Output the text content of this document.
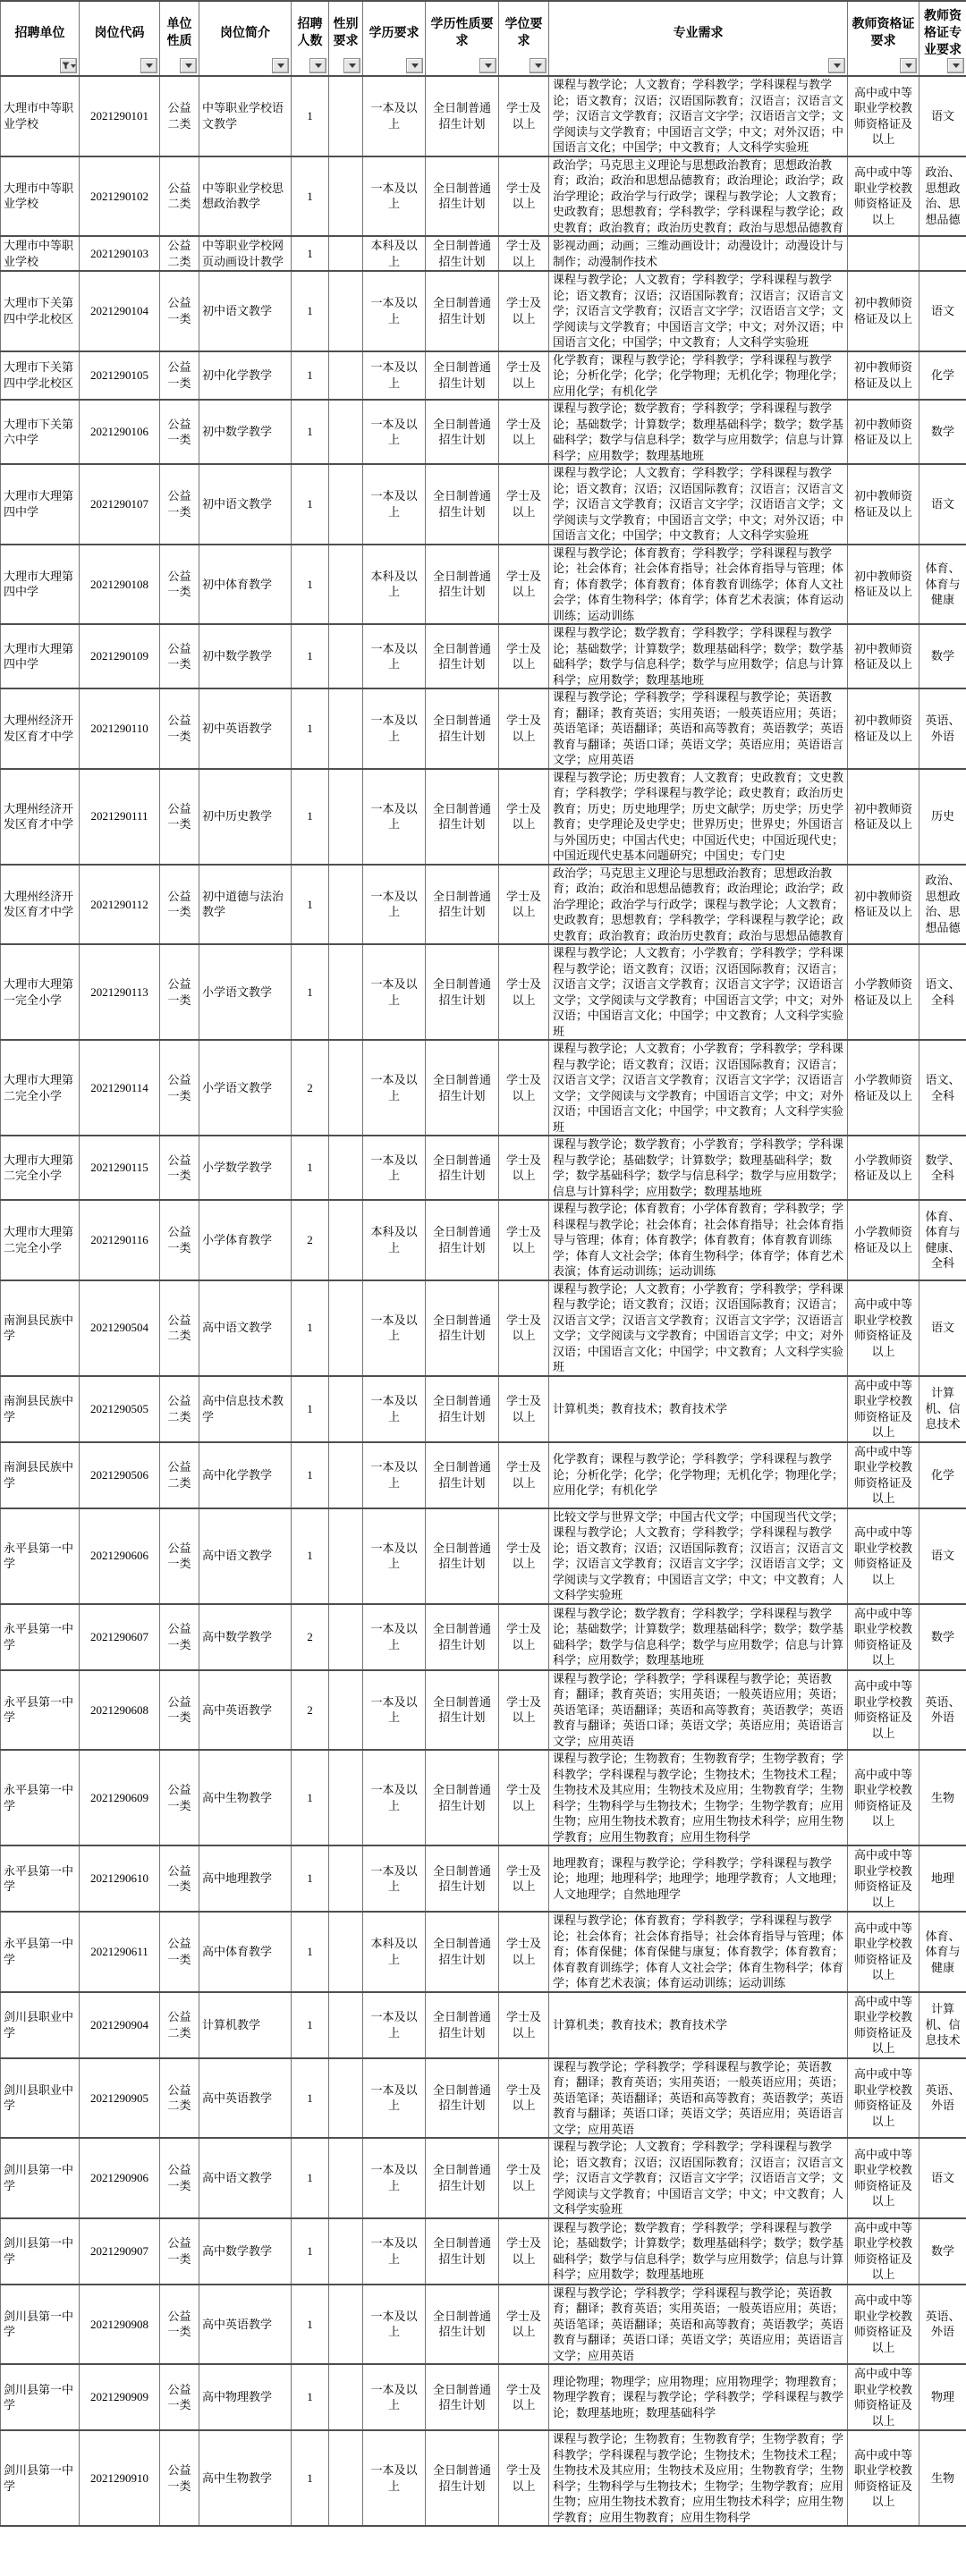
招聘单位	岗位代码	单位性质	岗位简介	招聘人数	性别要求	学历要求	学历性质要求	学位要求	专业需求	教师资格证要求	教师资格证专业要求

大理市中等职业学校	2021290101	公益二类	中等职业学校语文教学	1		一本及以上	全日制普通招生计划	学士及以上	课程与教学论；人文教育；学科教学；学科课程与教学论；语文教育；汉语；汉语国际教育；汉语言；汉语言文学；汉语言文学教育；汉语言文字学；汉语语言文学；文学阅读与文学教育；中国语言文学；中文；对外汉语；中国语言文化；中国学；中文教育；人文科学实验班	高中或中等职业学校教师资格证及以上	语文
大理市中等职业学校	2021290102	公益二类	中等职业学校思想政治教学	1		一本及以上	全日制普通招生计划	学士及以上	政治学；马克思主义理论与思想政治教育；思想政治教育；政治；政治和思想品德教育；政治理论；政治学；政治学理论；政治学与行政学；课程与教学论；人文教育；史政教育；思想教育；学科教学；学科课程与教学论；政史教育；政治教育；政治历史教育；政治与思想品德教育	高中或中等职业学校教师资格证及以上	政治、思想政治、思想品德
大理市中等职业学校	2021290103	公益二类	中等职业学校网页动画设计教学	1		本科及以上	全日制普通招生计划	学士及以上	影视动画；动画；三维动画设计；动漫设计；动漫设计与制作；动漫制作技术		
大理市下关第四中学北校区	2021290104	公益一类	初中语文教学	1		一本及以上	全日制普通招生计划	学士及以上	课程与教学论；人文教育；学科教学；学科课程与教学论；语文教育；汉语；汉语国际教育；汉语言；汉语言文学；汉语言文学教育；汉语言文字学；汉语语言文学；文学阅读与文学教育；中国语言文学；中文；对外汉语；中国语言文化；中国学；中文教育；人文科学实验班	初中教师资格证及以上	语文
大理市下关第四中学北校区	2021290105	公益一类	初中化学教学	1		一本及以上	全日制普通招生计划	学士及以上	化学教育；课程与教学论；学科教学；学科课程与教学论；分析化学；化学；化学物理；无机化学；物理化学；应用化学；有机化学	初中教师资格证及以上	化学
大理市下关第六中学	2021290106	公益一类	初中数学教学	1		一本及以上	全日制普通招生计划	学士及以上	课程与教学论；数学教育；学科教学；学科课程与教学论；基础数学；计算数学；数理基础科学；数学；数学基础科学；数学与信息科学；数学与应用数学；信息与计算科学；应用数学；数理基地班	初中教师资格证及以上	数学
大理市大理第四中学	2021290107	公益一类	初中语文教学	1		一本及以上	全日制普通招生计划	学士及以上	课程与教学论；人文教育；学科教学；学科课程与教学论；语文教育；汉语；汉语国际教育；汉语言；汉语言文学；汉语言文学教育；汉语言文字学；汉语语言文学；文学阅读与文学教育；中国语言文学；中文；对外汉语；中国语言文化；中国学；中文教育；人文科学实验班	初中教师资格证及以上	语文
大理市大理第四中学	2021290108	公益一类	初中体育教学	1		本科及以上	全日制普通招生计划	学士及以上	课程与教学论；体育教育；学科教学；学科课程与教学论；社会体育；社会体育指导；社会体育指导与管理；体育；体育教学；体育教育；体育教育训练学；体育人文社会学；体育生物科学；体育学；体育艺术表演；体育运动训练；运动训练	初中教师资格证及以上	体育、体育与健康
大理市大理第四中学	2021290109	公益一类	初中数学教学	1		一本及以上	全日制普通招生计划	学士及以上	课程与教学论；数学教育；学科教学；学科课程与教学论；基础数学；计算数学；数理基础科学；数学；数学基础科学；数学与信息科学；数学与应用数学；信息与计算科学；应用数学；数理基地班	初中教师资格证及以上	数学
大理州经济开发区育才中学	2021290110	公益一类	初中英语教学	1		一本及以上	全日制普通招生计划	学士及以上	课程与教学论；学科教学；学科课程与教学论；英语教育；翻译；教育英语；实用英语；一般英语应用；英语；英语笔译；英语翻译；英语和高等教育；英语教学；英语教育与翻译；英语口译；英语文学；英语应用；英语语言文学；应用英语	初中教师资格证及以上	英语、外语
大理州经济开发区育才中学	2021290111	公益一类	初中历史教学	1		一本及以上	全日制普通招生计划	学士及以上	课程与教学论；历史教育；人文教育；史政教育；文史教育；学科教学；学科课程与教学论；政史教育；政治历史教育；历史；历史地理学；历史文献学；历史学；历史学教育；史学理论及史学史；世界历史；世界史；外国语言与外国历史；中国古代史；中国近代史；中国近现代史；中国近现代史基本问题研究；中国史；专门史	初中教师资格证及以上	历史
大理州经济开发区育才中学	2021290112	公益一类	初中道德与法治教学	1		一本及以上	全日制普通招生计划	学士及以上	政治学；马克思主义理论与思想政治教育；思想政治教育；政治；政治和思想品德教育；政治理论；政治学；政治学理论；政治学与行政学；课程与教学论；人文教育；史政教育；思想教育；学科教学；学科课程与教学论；政史教育；政治教育；政治历史教育；政治与思想品德教育	初中教师资格证及以上	政治、思想政治、思想品德
大理市大理第一完全小学	2021290113	公益一类	小学语文教学	1		一本及以上	全日制普通招生计划	学士及以上	课程与教学论；人文教育；小学教育；学科教学；学科课程与教学论；语文教育；汉语；汉语国际教育；汉语言；汉语言文学；汉语言文学教育；汉语言文字学；汉语语言文学；文学阅读与文学教育；中国语言文学；中文；对外汉语；中国语言文化；中国学；中文教育；人文科学实验班	小学教师资格证及以上	语文、全科
大理市大理第二完全小学	2021290114	公益一类	小学语文教学	2		一本及以上	全日制普通招生计划	学士及以上	课程与教学论；人文教育；小学教育；学科教学；学科课程与教学论；语文教育；汉语；汉语国际教育；汉语言；汉语言文学；汉语言文学教育；汉语言文字学；汉语语言文学；文学阅读与文学教育；中国语言文学；中文；对外汉语；中国语言文化；中国学；中文教育；人文科学实验班	小学教师资格证及以上	语文、全科
大理市大理第二完全小学	2021290115	公益一类	小学数学教学	1		一本及以上	全日制普通招生计划	学士及以上	课程与教学论；数学教育；小学教育；学科教学；学科课程与教学论；基础数学；计算数学；数理基础科学；数学；数学基础科学；数学与信息科学；数学与应用数学；信息与计算科学；应用数学；数理基地班	小学教师资格证及以上	数学、全科
大理市大理第二完全小学	2021290116	公益一类	小学体育教学	2		本科及以上	全日制普通招生计划	学士及以上	课程与教学论；体育教育；小学体育教育；学科教学；学科课程与教学论；社会体育；社会体育指导；社会体育指导与管理；体育；体育教学；体育教育；体育教育训练学；体育人文社会学；体育生物科学；体育学；体育艺术表演；体育运动训练；运动训练	小学教师资格证及以上	体育、体育与健康、全科
南涧县民族中学	2021290504	公益二类	高中语文教学	1		一本及以上	全日制普通招生计划	学士及以上	课程与教学论；人文教育；小学教育；学科教学；学科课程与教学论；语文教育；汉语；汉语国际教育；汉语言；汉语言文学；汉语言文学教育；汉语言文字学；汉语语言文学；文学阅读与文学教育；中国语言文学；中文；对外汉语；中国语言文化；中国学；中文教育；人文科学实验班	高中或中等职业学校教师资格证及以上	语文
南涧县民族中学	2021290505	公益二类	高中信息技术教学	1		一本及以上	全日制普通招生计划	学士及以上	计算机类；教育技术；教育技术学	高中或中等职业学校教师资格证及以上	计算机、信息技术
南涧县民族中学	2021290506	公益二类	高中化学教学	1		一本及以上	全日制普通招生计划	学士及以上	化学教育；课程与教学论；学科教学；学科课程与教学论；分析化学；化学；化学物理；无机化学；物理化学；应用化学；有机化学	高中或中等职业学校教师资格证及以上	化学
永平县第一中学	2021290606	公益一类	高中语文教学	1		一本及以上	全日制普通招生计划	学士及以上	比较文学与世界文学；中国古代文学；中国现当代文学；课程与教学论；人文教育；学科教学；学科课程与教学论；语文教育；汉语；汉语国际教育；汉语言；汉语言文学；汉语言文学教育；汉语言文字学；汉语语言文学；文学阅读与文学教育；中国语言文学；中文；中文教育；人文科学实验班	高中或中等职业学校教师资格证及以上	语文
永平县第一中学	2021290607	公益一类	高中数学教学	2		一本及以上	全日制普通招生计划	学士及以上	课程与教学论；数学教育；学科教学；学科课程与教学论；基础数学；计算数学；数理基础科学；数学；数学基础科学；数学与信息科学；数学与应用数学；信息与计算科学；应用数学；数理基地班	高中或中等职业学校教师资格证及以上	数学
永平县第一中学	2021290608	公益一类	高中英语教学	2		一本及以上	全日制普通招生计划	学士及以上	课程与教学论；学科教学；学科课程与教学论；英语教育；翻译；教育英语；实用英语；一般英语应用；英语；英语笔译；英语翻译；英语和高等教育；英语教学；英语教育与翻译；英语口译；英语文学；英语应用；英语语言文学；应用英语	高中或中等职业学校教师资格证及以上	英语、外语
永平县第一中学	2021290609	公益一类	高中生物教学	1		一本及以上	全日制普通招生计划	学士及以上	课程与教学论；生物教育；生物教育学；生物学教育；学科教学；学科课程与教学论；生物技术；生物技术工程；生物技术及其应用；生物技术及应用；生物教育学；生物科学；生物科学与生物技术；生物学；生物学教育；应用生物；应用生物技术教育；应用生物技术科学；应用生物学教育；应用生物教育；应用生物科学	高中或中等职业学校教师资格证及以上	生物
永平县第一中学	2021290610	公益一类	高中地理教学	1		一本及以上	全日制普通招生计划	学士及以上	地理教育；课程与教学论；学科教学；学科课程与教学论；地理；地理科学；地理学；地理学教育；人文地理；人文地理学；自然地理学	高中或中等职业学校教师资格证及以上	地理
永平县第一中学	2021290611	公益一类	高中体育教学	1		本科及以上	全日制普通招生计划	学士及以上	课程与教学论；体育教育；学科教学；学科课程与教学论；社会体育；社会体育指导；社会体育指导与管理；体育；体育保健；体育保健与康复；体育教学；体育教育；体育教育训练学；体育人文社会学；体育生物科学；体育学；体育艺术表演；体育运动训练；运动训练	高中或中等职业学校教师资格证及以上	体育、体育与健康
剑川县职业中学	2021290904	公益二类	计算机教学	1		一本及以上	全日制普通招生计划	学士及以上	计算机类；教育技术；教育技术学	高中或中等职业学校教师资格证及以上	计算机、信息技术
剑川县职业中学	2021290905	公益二类	高中英语教学	1		一本及以上	全日制普通招生计划	学士及以上	课程与教学论；学科教学；学科课程与教学论；英语教育；翻译；教育英语；实用英语；一般英语应用；英语；英语笔译；英语翻译；英语和高等教育；英语教学；英语教育与翻译；英语口译；英语文学；英语应用；英语语言文学；应用英语	高中或中等职业学校教师资格证及以上	英语、外语
剑川县第一中学	2021290906	公益一类	高中语文教学	1		一本及以上	全日制普通招生计划	学士及以上	课程与教学论；人文教育；学科教学；学科课程与教学论；语文教育；汉语；汉语国际教育；汉语言；汉语言文学；汉语言文学教育；汉语言文字学；汉语语言文学；文学阅读与文学教育；中国语言文学；中文；中文教育；人文科学实验班	高中或中等职业学校教师资格证及以上	语文
剑川县第一中学	2021290907	公益一类	高中数学教学	1		一本及以上	全日制普通招生计划	学士及以上	课程与教学论；数学教育；学科教学；学科课程与教学论；基础数学；计算数学；数理基础科学；数学；数学基础科学；数学与信息科学；数学与应用数学；信息与计算科学；应用数学；数理基地班	高中或中等职业学校教师资格证及以上	数学
剑川县第一中学	2021290908	公益一类	高中英语教学	1		一本及以上	全日制普通招生计划	学士及以上	课程与教学论；学科教学；学科课程与教学论；英语教育；翻译；教育英语；实用英语；一般英语应用；英语；英语笔译；英语翻译；英语和高等教育；英语教学；英语教育与翻译；英语口译；英语文学；英语应用；英语语言文学；应用英语	高中或中等职业学校教师资格证及以上	英语、外语
剑川县第一中学	2021290909	公益一类	高中物理教学	1		一本及以上	全日制普通招生计划	学士及以上	理论物理；物理学；应用物理；应用物理学；物理教育；物理学教育；课程与教学论；学科教学；学科课程与教学论；数理基地班；数理基础科学	高中或中等职业学校教师资格证及以上	物理
剑川县第一中学	2021290910	公益一类	高中生物教学	1		一本及以上	全日制普通招生计划	学士及以上	课程与教学论；生物教育；生物教育学；生物学教育；学科教学；学科课程与教学论；生物技术；生物技术工程；生物技术及其应用；生物技术及应用；生物教育学；生物科学；生物科学与生物技术；生物学；生物学教育；应用生物；应用生物技术教育；应用生物技术科学；应用生物学教育；应用生物教育；应用生物科学	高中或中等职业学校教师资格证及以上	生物
